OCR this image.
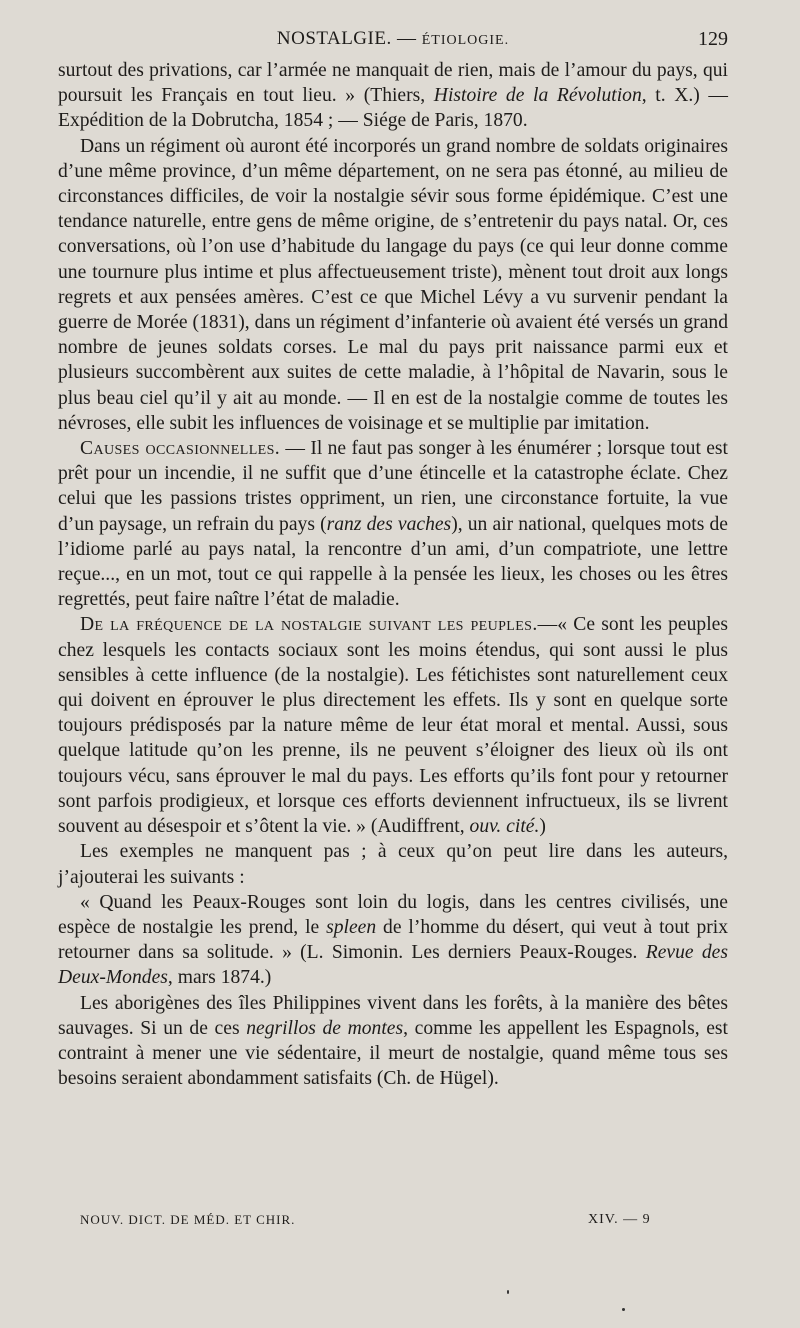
NOSTALGIE. — ÉTIOLOGIE.	129

surtout des privations, car l’armée ne manquait de rien, mais de l’amour du pays, qui poursuit les Français en tout lieu. » (Thiers, Histoire de la Révolution, t. X.) — Expédition de la Dobrutcha, 1854 ; — Siége de Paris, 1870.

Dans un régiment où auront été incorporés un grand nombre de soldats originaires d’une même province, d’un même département, on ne sera pas étonné, au milieu de circonstances difficiles, de voir la nostalgie sévir sous forme épidémique. C’est une tendance naturelle, entre gens de même origine, de s’entretenir du pays natal. Or, ces conversations, où l’on use d’habitude du langage du pays (ce qui leur donne comme une tournure plus intime et plus affectueusement triste), mènent tout droit aux longs regrets et aux pensées amères. C’est ce que Michel Lévy a vu survenir pendant la guerre de Morée (1831), dans un régiment d’infanterie où avaient été versés un grand nombre de jeunes soldats corses. Le mal du pays prit naissance parmi eux et plusieurs succombèrent aux suites de cette maladie, à l’hôpital de Navarin, sous le plus beau ciel qu’il y ait au monde. — Il en est de la nostalgie comme de toutes les névroses, elle subit les influences de voisinage et se multiplie par imitation.

Causes occasionnelles. — Il ne faut pas songer à les énumérer ; lorsque tout est prêt pour un incendie, il ne suffit que d’une étincelle et la catastrophe éclate. Chez celui que les passions tristes oppriment, un rien, une circonstance fortuite, la vue d’un paysage, un refrain du pays (ranz des vaches), un air national, quelques mots de l’idiome parlé au pays natal, la rencontre d’un ami, d’un compatriote, une lettre reçue..., en un mot, tout ce qui rappelle à la pensée les lieux, les choses ou les êtres regrettés, peut faire naître l’état de maladie.

De la fréquence de la nostalgie suivant les peuples.—« Ce sont les peuples chez lesquels les contacts sociaux sont les moins étendus, qui sont aussi le plus sensibles à cette influence (de la nostalgie). Les fétichistes sont naturellement ceux qui doivent en éprouver le plus directement les effets. Ils y sont en quelque sorte toujours prédisposés par la nature même de leur état moral et mental. Aussi, sous quelque latitude qu’on les prenne, ils ne peuvent s’éloigner des lieux où ils ont toujours vécu, sans éprouver le mal du pays. Les efforts qu’ils font pour y retourner sont parfois prodigieux, et lorsque ces efforts deviennent infructueux, ils se livrent souvent au désespoir et s’ôtent la vie. » (Audiffrent, ouv. cité.)

Les exemples ne manquent pas ; à ceux qu’on peut lire dans les auteurs, j’ajouterai les suivants :

« Quand les Peaux-Rouges sont loin du logis, dans les centres civilisés, une espèce de nostalgie les prend, le spleen de l’homme du désert, qui veut à tout prix retourner dans sa solitude. » (L. Simonin. Les derniers Peaux-Rouges. Revue des Deux-Mondes, mars 1874.)

Les aborigènes des îles Philippines vivent dans les forêts, à la manière des bêtes sauvages. Si un de ces negrillos de montes, comme les appellent les Espagnols, est contraint à mener une vie sédentaire, il meurt de nostalgie, quand même tous ses besoins seraient abondamment satisfaits (Ch. de Hügel).

NOUV. DICT. DE MÉD. ET CHIR.	XIV. — 9
